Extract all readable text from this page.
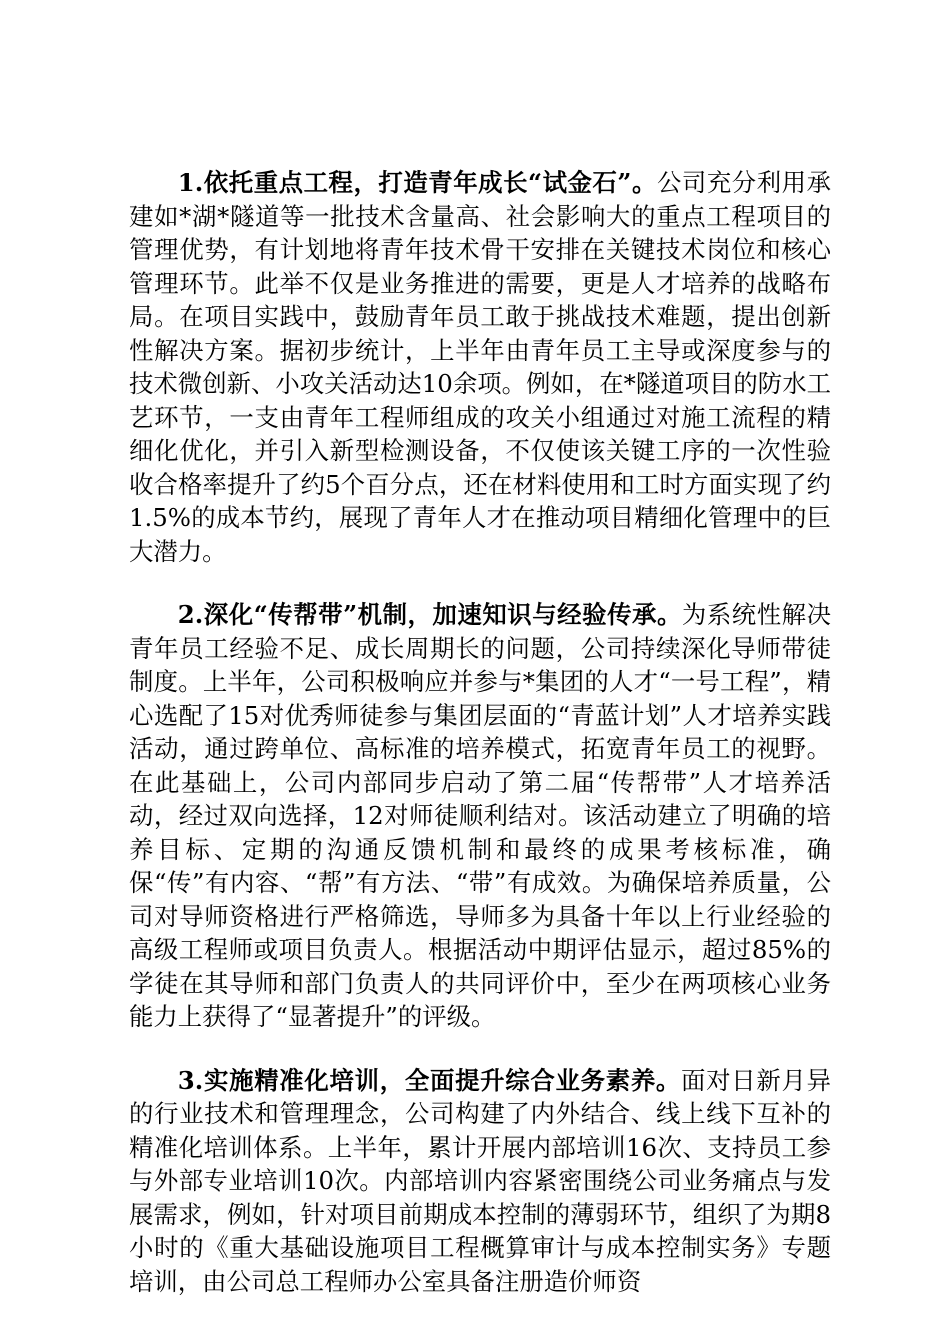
1.依托重点工程，打造青年成长“试金石”。公司充分利用承建如*湖*隧道等一批技术含量高、社会影响大的重点工程项目的管理优势，有计划地将青年技术骨干安排在关键技术岗位和核心管理环节。此举不仅是业务推进的需要，更是人才培养的战略布局。在项目实践中，鼓励青年员工敢于挑战技术难题，提出创新性解决方案。据初步统计，上半年由青年员工主导或深度参与的技术微创新、小攻关活动达10余项。例如，在*隧道项目的防水工艺环节，一支由青年工程师组成的攻关小组通过对施工流程的精细化优化，并引入新型检测设备，不仅使该关键工序的一次性验收合格率提升了约5个百分点，还在材料使用和工时方面实现了约1.5%的成本节约，展现了青年人才在推动项目精细化管理中的巨大潜力。

2.深化“传帮带”机制，加速知识与经验传承。为系统性解决青年员工经验不足、成长周期长的问题，公司持续深化导师带徒制度。上半年，公司积极响应并参与*集团的人才“一号工程”，精心选配了15对优秀师徒参与集团层面的“青蓝计划”人才培养实践活动，通过跨单位、高标准的培养模式，拓宽青年员工的视野。在此基础上，公司内部同步启动了第二届“传帮带”人才培养活动，经过双向选择，12对师徒顺利结对。该活动建立了明确的培养目标、定期的沟通反馈机制和最终的成果考核标准，确保“传”有内容、“帮”有方法、“带”有成效。为确保培养质量，公司对导师资格进行严格筛选，导师多为具备十年以上行业经验的高级工程师或项目负责人。根据活动中期评估显示，超过85%的学徒在其导师和部门负责人的共同评价中，至少在两项核心业务能力上获得了“显著提升”的评级。

3.实施精准化培训，全面提升综合业务素养。面对日新月异的行业技术和管理理念，公司构建了内外结合、线上线下互补的精准化培训体系。上半年，累计开展内部培训16次、支持员工参与外部专业培训10次。内部培训内容紧密围绕公司业务痛点与发展需求，例如，针对项目前期成本控制的薄弱环节，组织了为期8小时的《重大基础设施项目工程概算审计与成本控制实务》专题培训，由公司总工程师办公室具备注册造价师资
